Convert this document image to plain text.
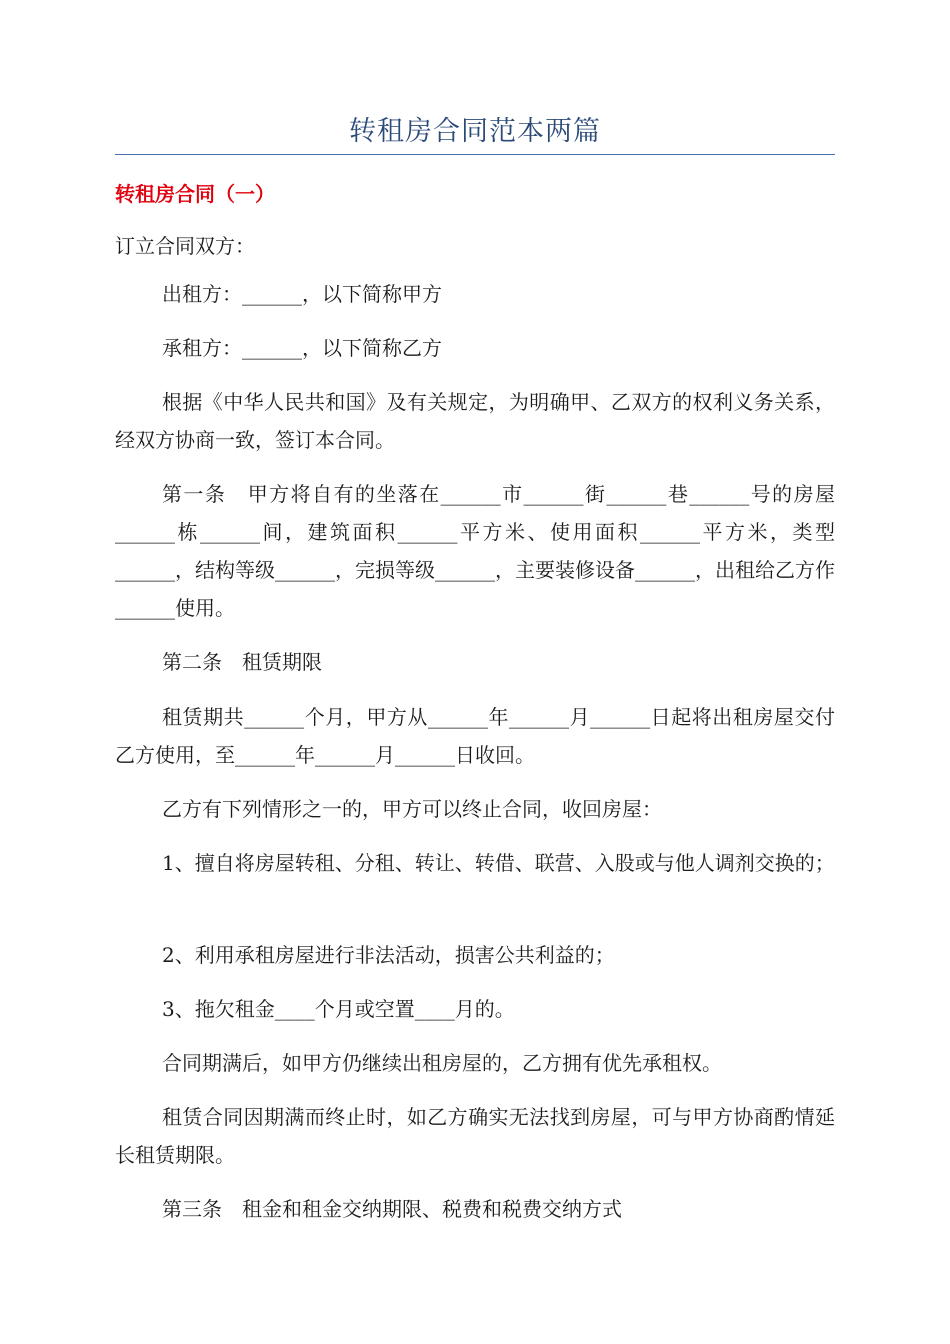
转租房合同范本两篇
转租房合同（一）

订立合同双方：

出租方：______，以下简称甲方

承租方：______，以下简称乙方

根据《中华人民共和国》及有关规定，为明确甲、乙双方的权利义务关系，经双方协商一致，签订本合同。

第一条　甲方将自有的坐落在______市______街______巷______号的房屋______栋______间，建筑面积______平方米、使用面积______平方米，类型______，结构等级______，完损等级______，主要装修设备______，出租给乙方作______使用。

第二条　租赁期限

租赁期共______个月，甲方从______年______月______日起将出租房屋交付乙方使用，至______年______月______日收回。

乙方有下列情形之一的，甲方可以终止合同，收回房屋：

1、擅自将房屋转租、分租、转让、转借、联营、入股或与他人调剂交换的；

2、利用承租房屋进行非法活动，损害公共利益的；

3、拖欠租金____个月或空置____月的。

合同期满后，如甲方仍继续出租房屋的，乙方拥有优先承租权。

租赁合同因期满而终止时，如乙方确实无法找到房屋，可与甲方协商酌情延长租赁期限。

第三条　租金和租金交纳期限、税费和税费交纳方式
